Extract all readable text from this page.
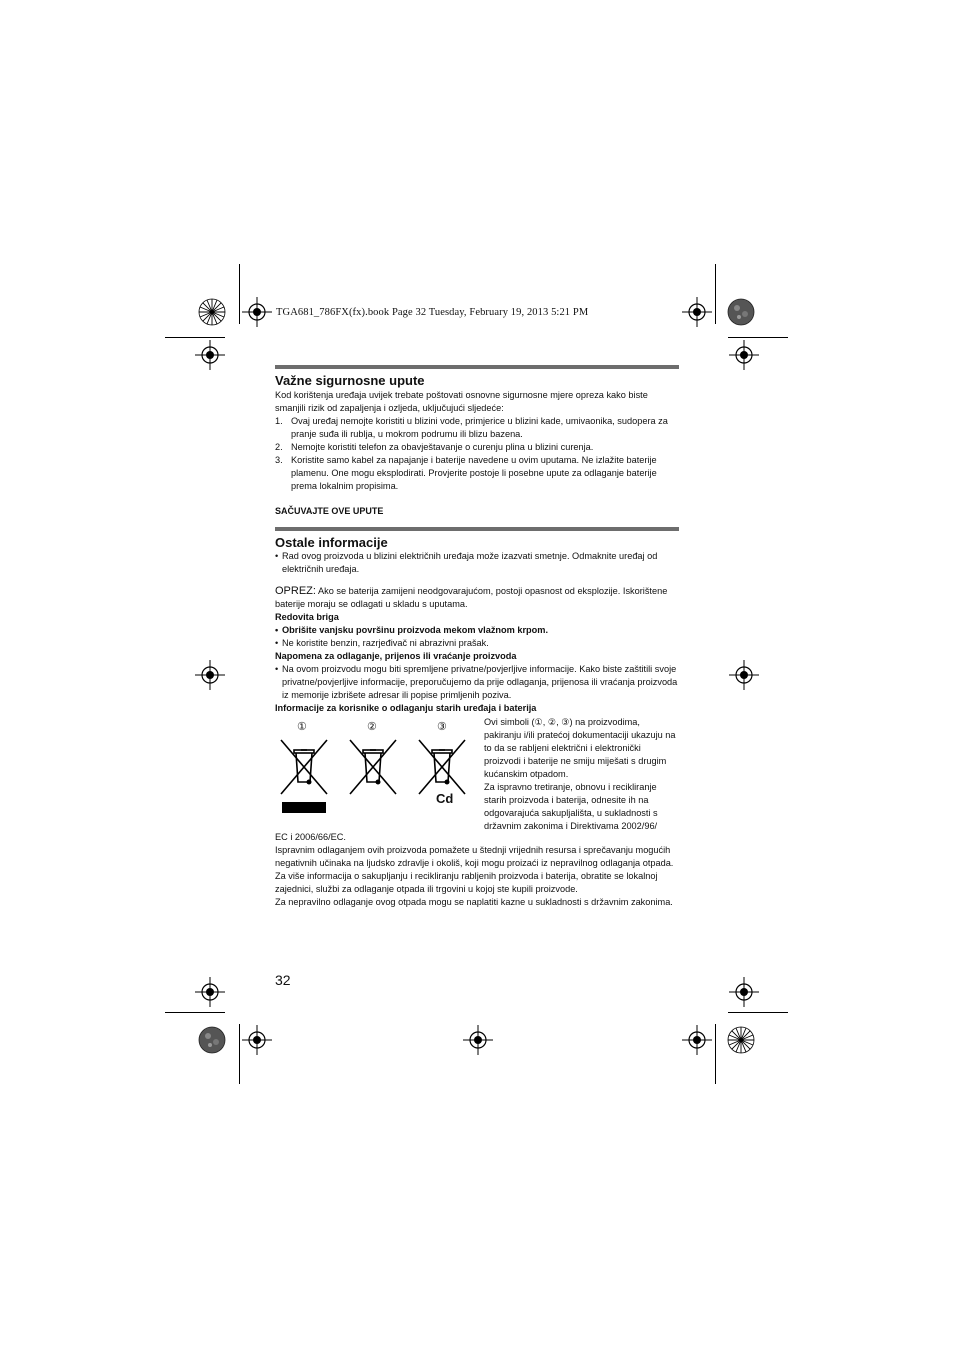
TGA681_786FX(fx).book Page 32 Tuesday, February 19, 2013 5:21 PM
Važne sigurnosne upute

Kod korištenja uređaja uvijek trebate poštovati osnovne sigurnosne mjere opreza kako biste smanjili rizik od zapaljenja i ozljeda, uključujući sljedeće:

1. Ovaj uređaj nemojte koristiti u blizini vode, primjerice u blizini kade, umivaonika, sudopera za pranje suđa ili rublja, u mokrom podrumu ili blizu bazena.
2. Nemojte koristiti telefon za obavještavanje o curenju plina u blizini curenja.
3. Koristite samo kabel za napajanje i baterije navedene u ovim uputama. Ne izlažite baterije plamenu. One mogu eksplodirati. Provjerite postoje li posebne upute za odlaganje baterije prema lokalnim propisima.
SAČUVAJTE OVE UPUTE
Ostale informacije
• Rad ovog proizvoda u blizini električnih uređaja može izazvati smetnje. Odmaknite uređaj od električnih uređaja.

OPREZ: Ako se baterija zamijeni neodgovarajućom, postoji opasnost od eksplozije. Iskorištene baterije moraju se odlagati u skladu s uputama.

Redovita briga

• Obrišite vanjsku površinu proizvoda mekom vlažnom krpom.
• Ne koristite benzin, razrjeđivač ni abrazivni prašak.

Napomena za odlaganje, prijenos ili vraćanje proizvoda

• Na ovom proizvodu mogu biti spremljene privatne/povjerljive informacije. Kako biste zaštitili svoje privatne/povjerljive informacije, preporučujemo da prije odlaganja, prijenosa ili vraćanja proizvoda iz memorije izbrišete adresar ili popise primljenih poziva.

Informacije za korisnike o odlaganju starih uređaja i baterija

①	②	③
Cd

Ovi simboli (①, ②, ③) na proizvodima, pakiranju i/ili pratećoj dokumentaciji ukazuju na to da se rabljeni električni i elektronički proizvodi i baterije ne smiju miješati s drugim kućanskim otpadom.

Za ispravno tretiranje, obnovu i recikliranje starih proizvoda i baterija, odnesite ih na odgovarajuća sakupljališta, u sukladnosti s državnim zakonima i Direktivama 2002/96/

EC i 2006/66/EC.

Ispravnim odlaganjem ovih proizvoda pomažete u štednji vrijednih resursa i sprečavanju mogućih negativnih učinaka na ljudsko zdravlje i okoliš, koji mogu proizaći iz nepravilnog odlaganja otpada.

Za više informacija o sakupljanju i recikliranju rabljenih proizvoda i baterija, obratite se lokalnoj zajednici, službi za odlaganje otpada ili trgovini u kojoj ste kupili proizvode.

Za nepravilno odlaganje ovog otpada mogu se naplatiti kazne u sukladnosti s državnim zakonima.

32
